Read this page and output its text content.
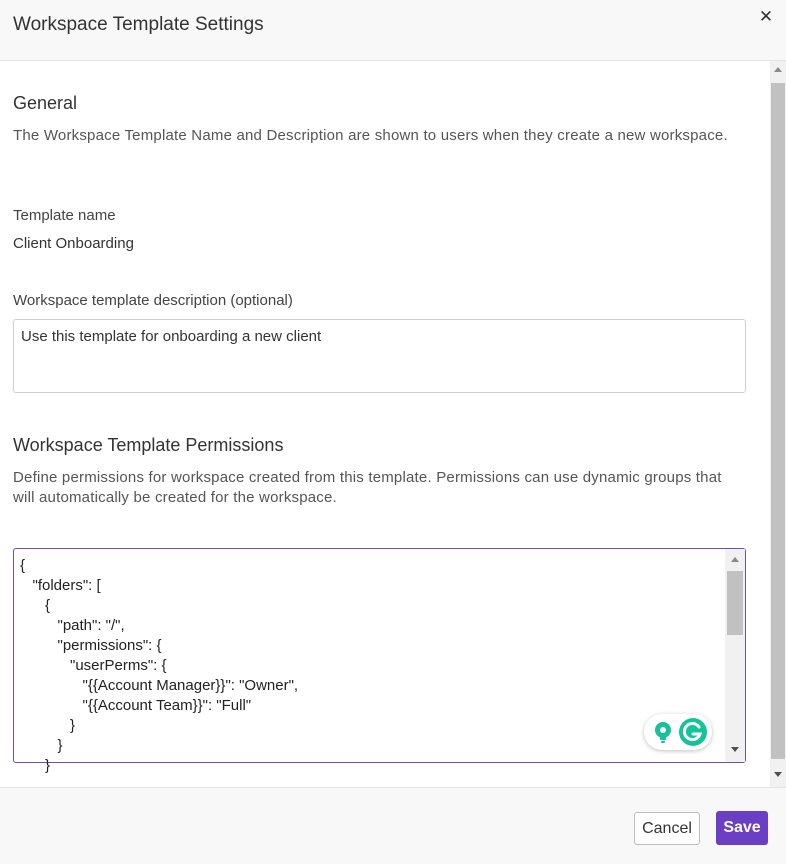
Workspace Template Settings	✕
General
The Workspace Template Name and Description are shown to users when they create a new workspace.
Template name
Client Onboarding
Workspace template description (optional)
Use this template for onboarding a new client
Workspace Template Permissions
Define permissions for workspace created from this template. Permissions can use dynamic groups that will automatically be created for the workspace.
{
"folders": [
{
"path": "/",
"permissions": {
"userPerms": {
"{{Account Manager}}": "Owner",
"{{Account Team}}": "Full"
}
}
}
Cancel	Save
